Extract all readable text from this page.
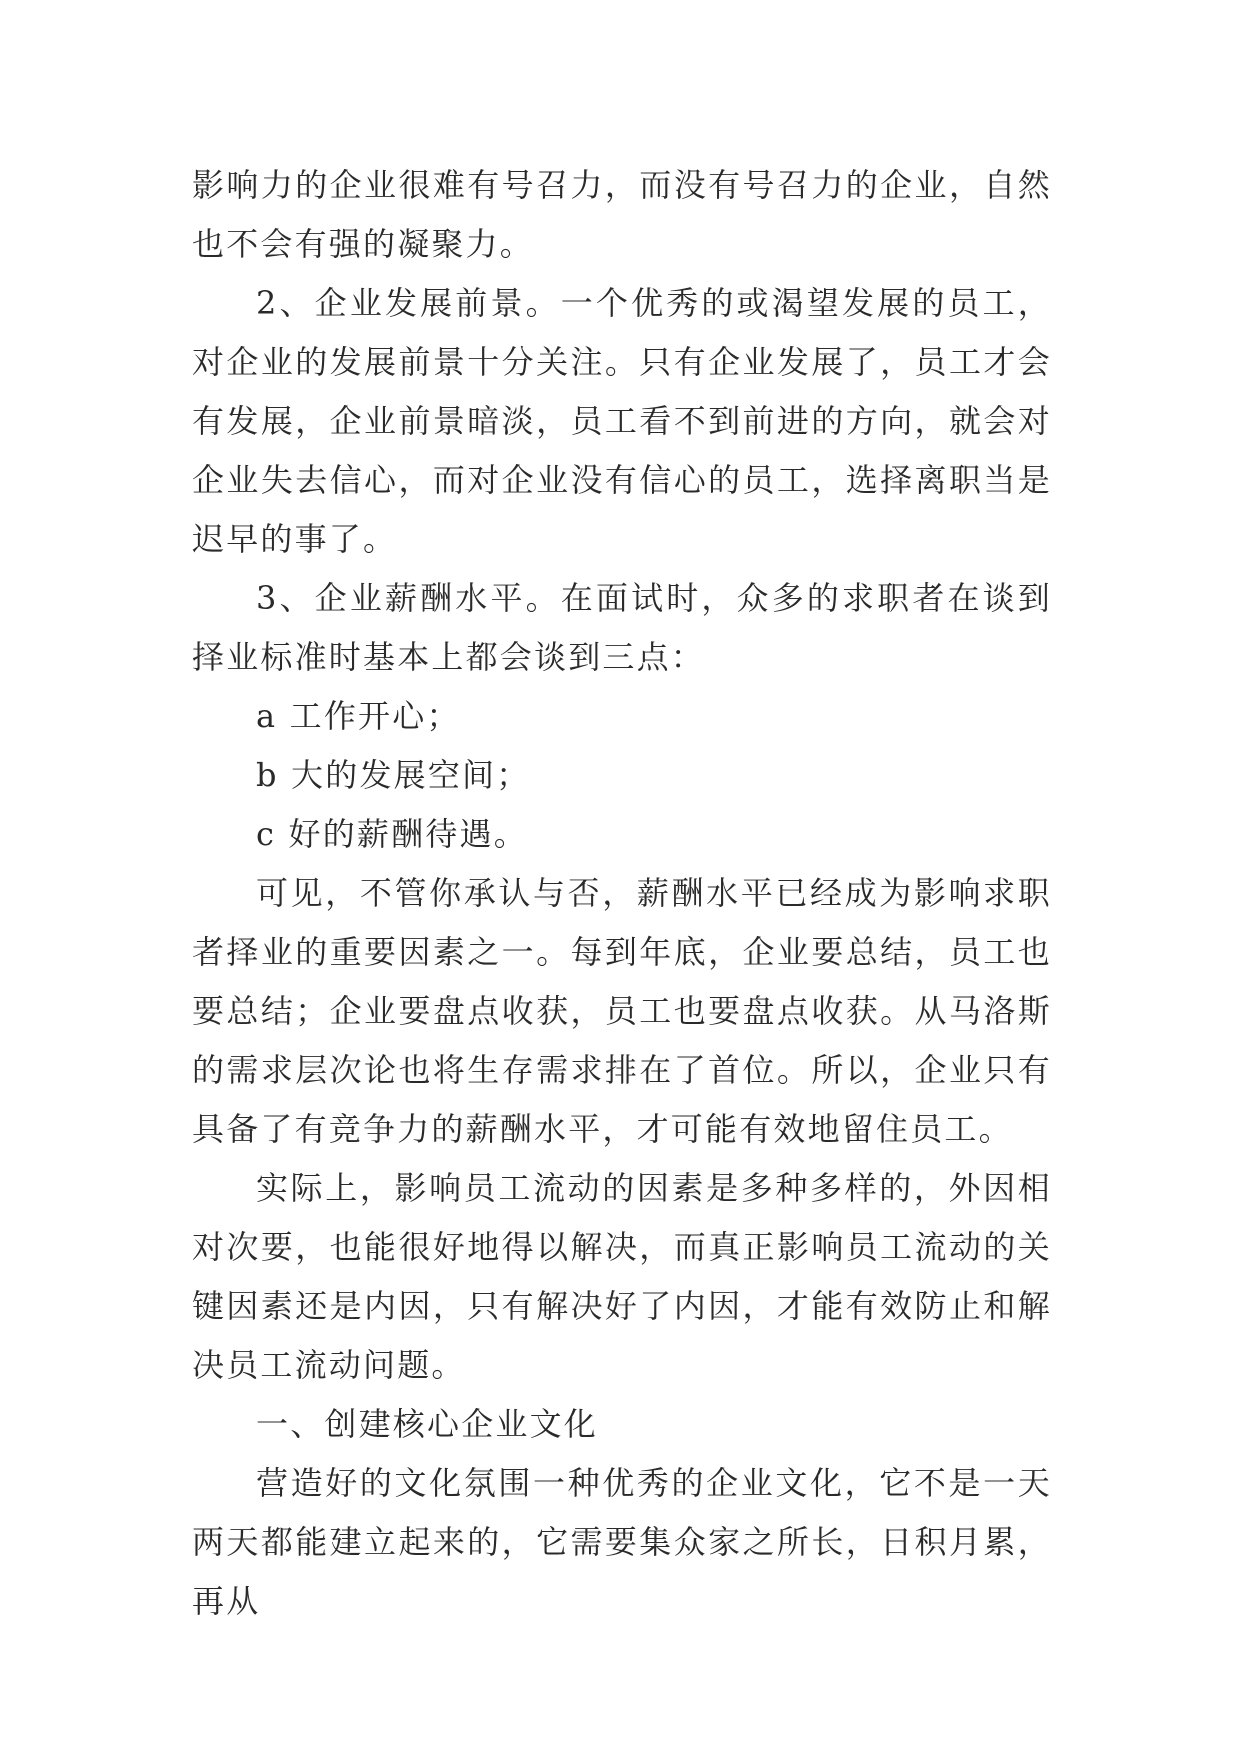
影响力的企业很难有号召力，而没有号召力的企业，自然也不会有强的凝聚力。

2、企业发展前景。一个优秀的或渴望发展的员工，对企业的发展前景十分关注。只有企业发展了，员工才会有发展，企业前景暗淡，员工看不到前进的方向，就会对企业失去信心，而对企业没有信心的员工，选择离职当是迟早的事了。

3、企业薪酬水平。在面试时，众多的求职者在谈到择业标准时基本上都会谈到三点：

a 工作开心；

b 大的发展空间；

c 好的薪酬待遇。

可见，不管你承认与否，薪酬水平已经成为影响求职者择业的重要因素之一。每到年底，企业要总结，员工也要总结；企业要盘点收获，员工也要盘点收获。从马洛斯的需求层次论也将生存需求排在了首位。所以，企业只有具备了有竞争力的薪酬水平，才可能有效地留住员工。

实际上，影响员工流动的因素是多种多样的，外因相对次要，也能很好地得以解决，而真正影响员工流动的关键因素还是内因，只有解决好了内因，才能有效防止和解决员工流动问题。

一、创建核心企业文化

营造好的文化氛围一种优秀的企业文化，它不是一天两天都能建立起来的，它需要集众家之所长，日积月累，再从
